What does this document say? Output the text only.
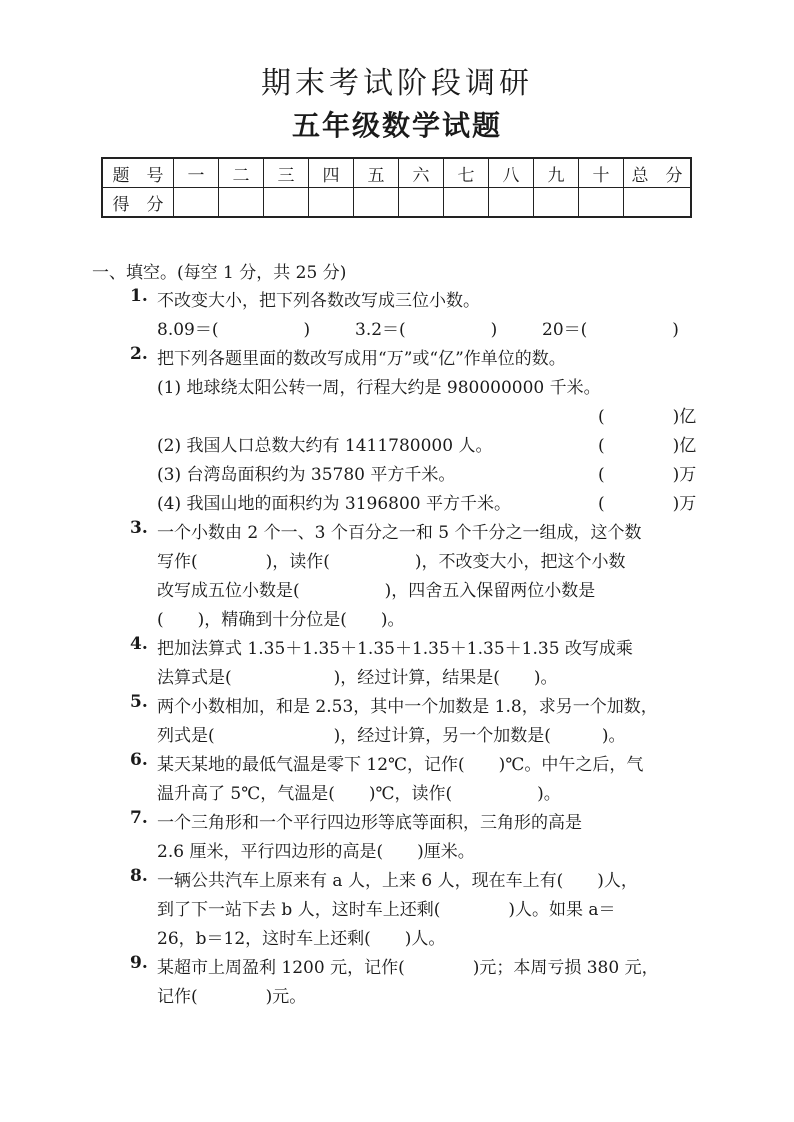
期末考试阶段调研
五年级数学试题
题　号	一	二	三	四	五	六	七	八	九	十	总　分
得　分											
一、填空。(每空 1 分，共 25 分)
1. 不改变大小，把下列各数改写成三位小数。
8.09＝(　　　　　)	3.2＝(　　　　　)	20＝(　　　　　)
2. 把下列各题里面的数改写成用“万”或“亿”作单位的数。
(1) 地球绕太阳公转一周，行程大约是 980000000 千米。
(　　　　)亿
(2) 我国人口总数大约有 1411780000 人。	(　　　　)亿
(3) 台湾岛面积约为 35780 平方千米。	(　　　　)万
(4) 我国山地的面积约为 3196800 平方千米。	(　　　　)万
3. 一个小数由 2 个一、3 个百分之一和 5 个千分之一组成，这个数
写作(　　　　)，读作(　　　　　)，不改变大小，把这个小数
改写成五位小数是(　　　　　)，四舍五入保留两位小数是
(　　)，精确到十分位是(　　)。
4. 把加法算式 1.35＋1.35＋1.35＋1.35＋1.35＋1.35 改写成乘
法算式是(　　　　　　)，经过计算，结果是(　　)。
5. 两个小数相加，和是 2.53，其中一个加数是 1.8，求另一个加数，
列式是(　　　　　　　)，经过计算，另一个加数是(　　　)。
6. 某天某地的最低气温是零下 12℃，记作(　　)℃。中午之后，气
温升高了 5℃，气温是(　　)℃，读作(　　　　　)。
7. 一个三角形和一个平行四边形等底等面积，三角形的高是
2.6 厘米，平行四边形的高是(　　)厘米。
8. 一辆公共汽车上原来有 a 人，上来 6 人，现在车上有(　　)人，
到了下一站下去 b 人，这时车上还剩(　　　　)人。如果 a＝
26，b＝12，这时车上还剩(　　)人。
9. 某超市上周盈利 1200 元，记作(　　　　)元；本周亏损 380 元，
记作(　　　　)元。
